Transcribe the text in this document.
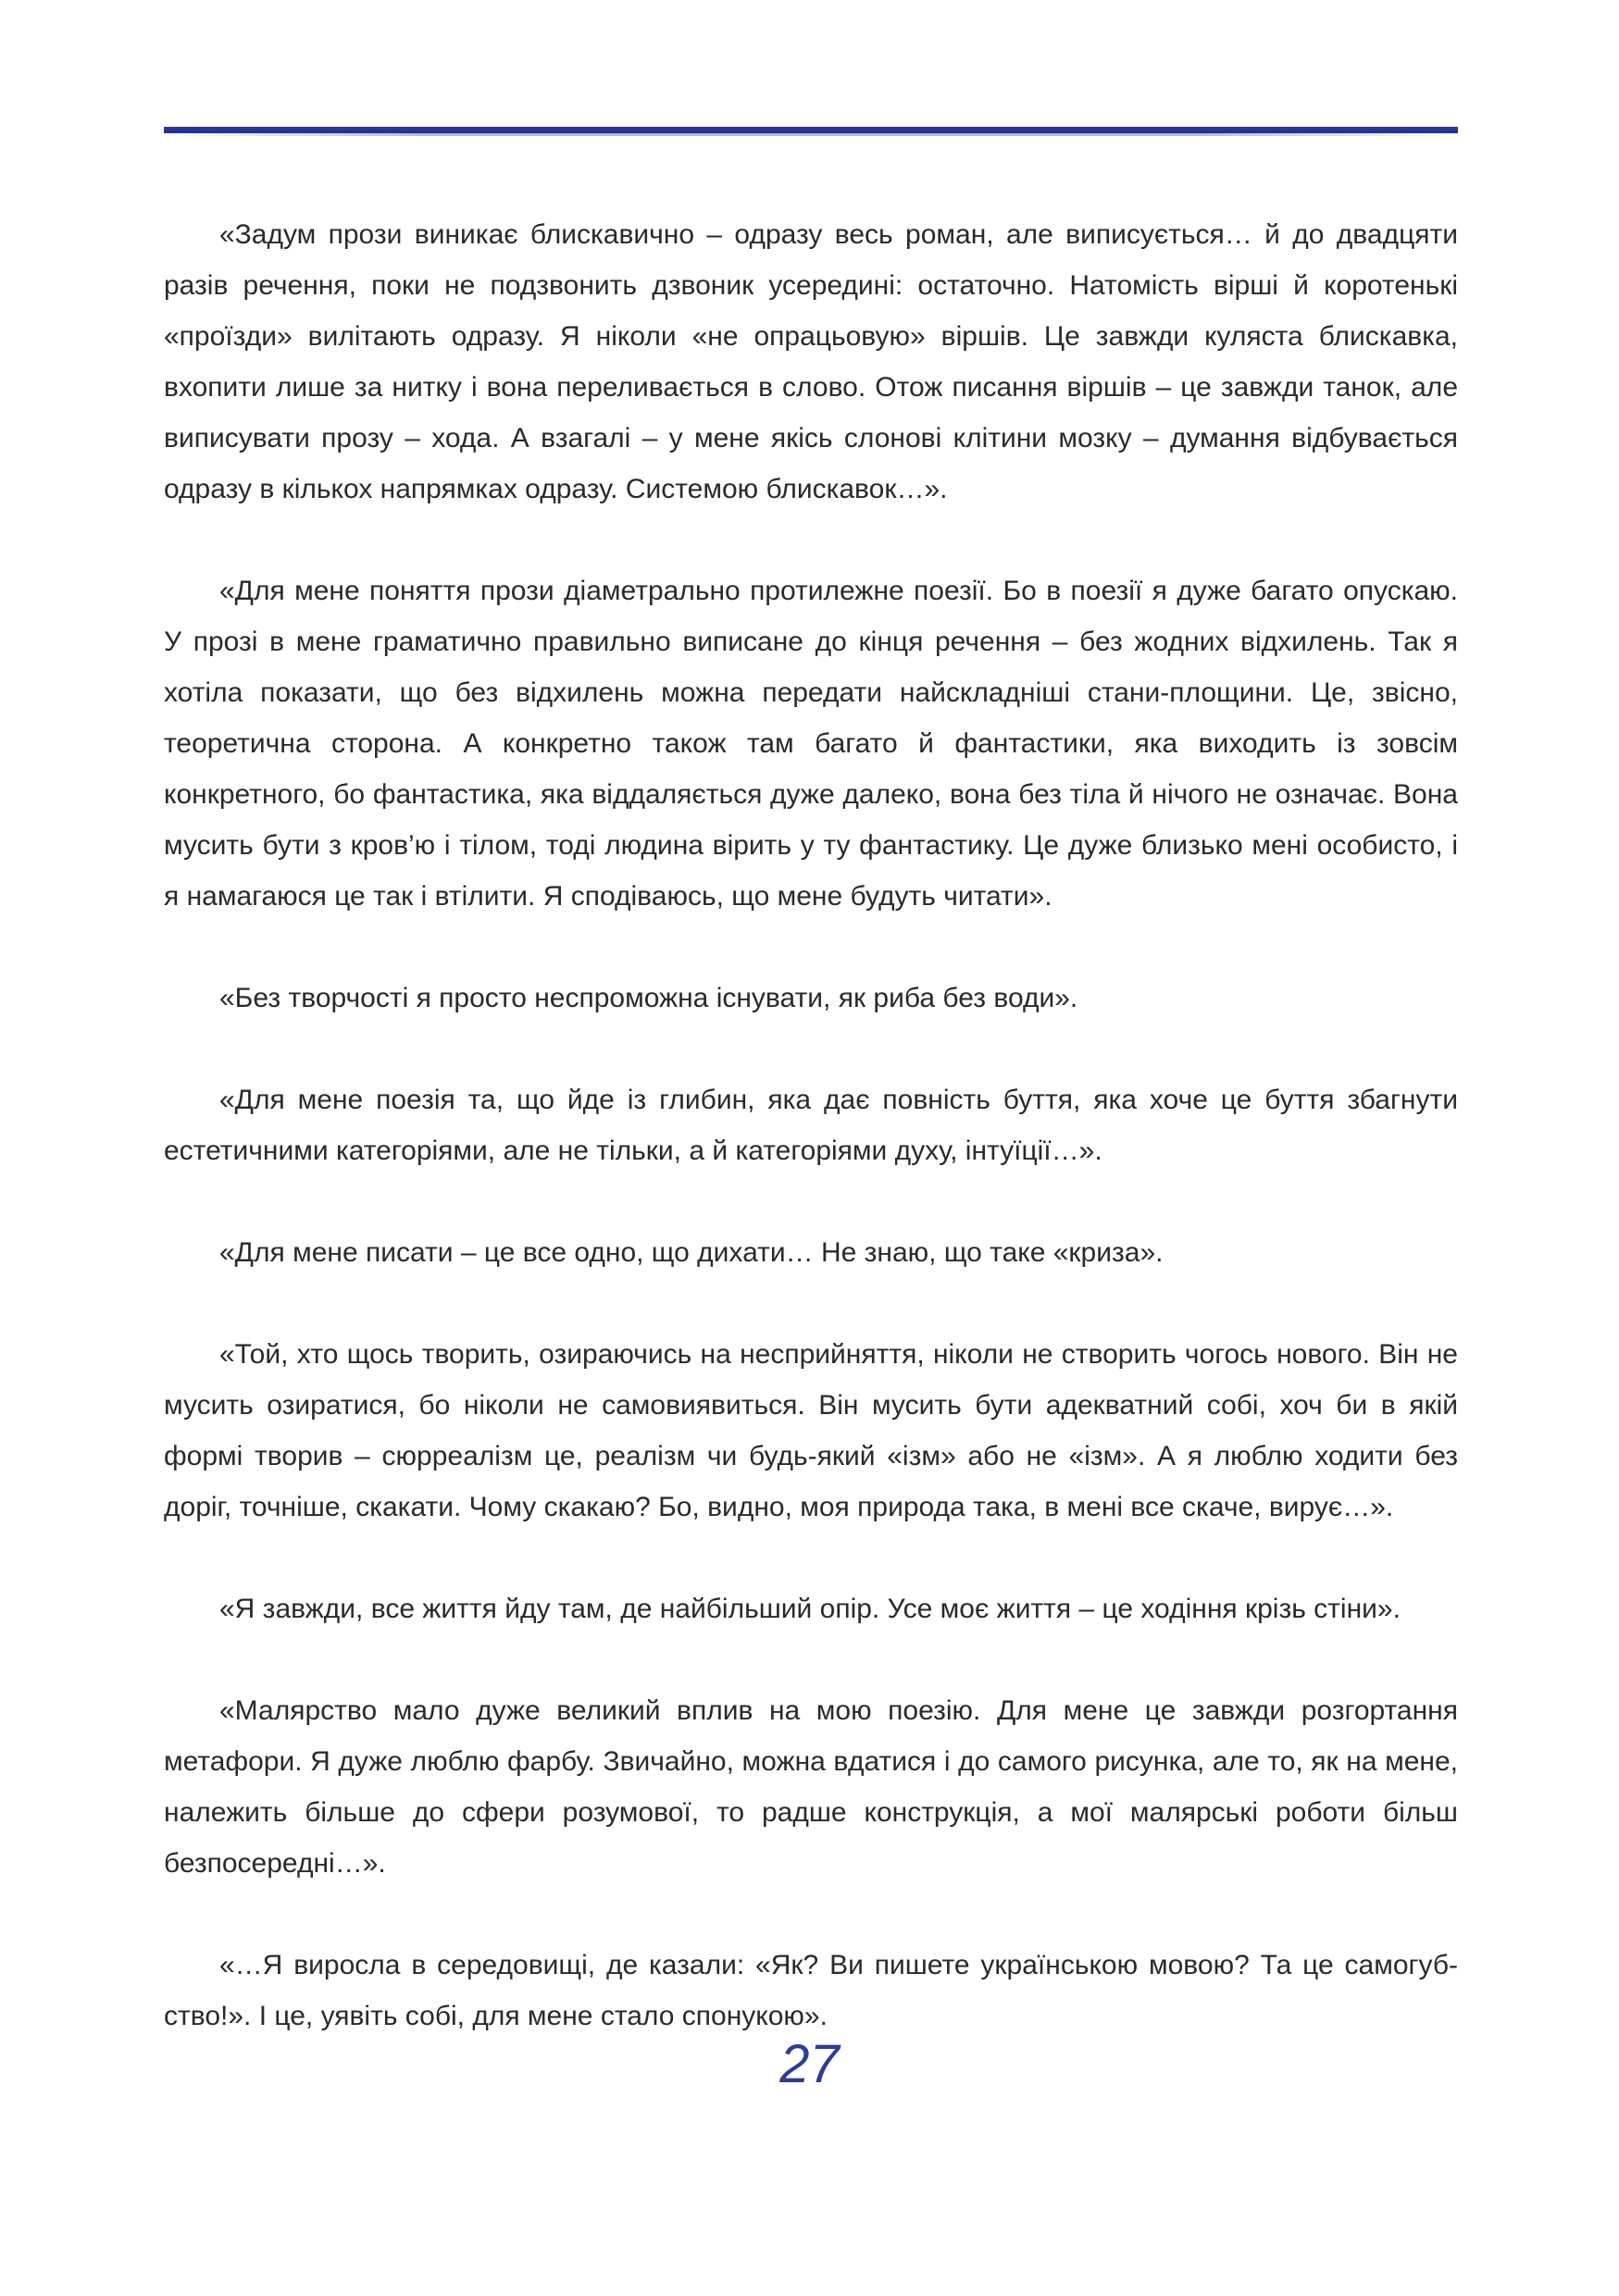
«Задум прози виникає блискавично – одразу весь роман, але виписується… й до двадцяти разів речення, поки не подзвонить дзвоник усередині: остаточно. Натомість вірші й коротенькі «проїзди» вилітають одразу. Я ніколи «не опрацьовую» віршів. Це завжди куляста блискавка, вхопити лише за нитку і вона переливається в слово. Отож писання віршів – це завжди танок, але виписувати прозу – хода. А взагалі – у мене якісь слонові клітини мозку – думання відбувається одразу в кількох напрямках одразу. Системою блискавок…».

«Для мене поняття прози діаметрально протилежне поезії. Бо в поезії я дуже багато опускаю. У прозі в мене граматично правильно виписане до кінця речення – без жодних відхилень. Так я хотіла показати, що без відхилень можна передати найскладніші стани-площини. Це, звісно, теоретична сторона. А конкретно також там багато й фантастики, яка виходить із зовсім конкретного, бо фантастика, яка віддаляється дуже далеко, вона без тіла й нічого не означає. Вона мусить бути з кров’ю і тілом, тоді людина вірить у ту фантастику. Це дуже близько мені особисто, і я намагаюся це так і втілити. Я сподіваюсь, що мене будуть читати».

«Без творчості я просто неспроможна існувати, як риба без води».

«Для мене поезія та, що йде із глибин, яка дає повність буття, яка хоче це буття збагнути естетичними категоріями, але не тільки, а й категоріями духу, інтуїції…».

«Для мене писати – це все одно, що дихати… Не знаю, що таке «криза».

«Той, хто щось творить, озираючись на несприйняття, ніколи не створить чогось нового. Він не мусить озиратися, бо ніколи не самовиявиться. Він мусить бути адекватний собі, хоч би в якій формі творив – сюрреалізм це, реалізм чи будь-який «ізм» або не «ізм». А я люблю ходити без доріг, точніше, скакати. Чому скакаю? Бо, видно, моя природа така, в мені все скаче, вирує…».

«Я завжди, все життя йду там, де найбільший опір. Усе моє життя – це ходіння крізь стіни».

«Малярство мало дуже великий вплив на мою поезію. Для мене це завжди розгортання метафори. Я дуже люблю фарбу. Звичайно, можна вдатися і до самого рисунка, але то, як на мене, належить більше до сфери розумової, то радше конструкція, а мої малярські роботи більш безпосередні…».

«…Я виросла в середовищі, де казали: «Як? Ви пишете українською мовою? Та це самогубство!». І це, уявіть собі, для мене стало спонукою».

27
